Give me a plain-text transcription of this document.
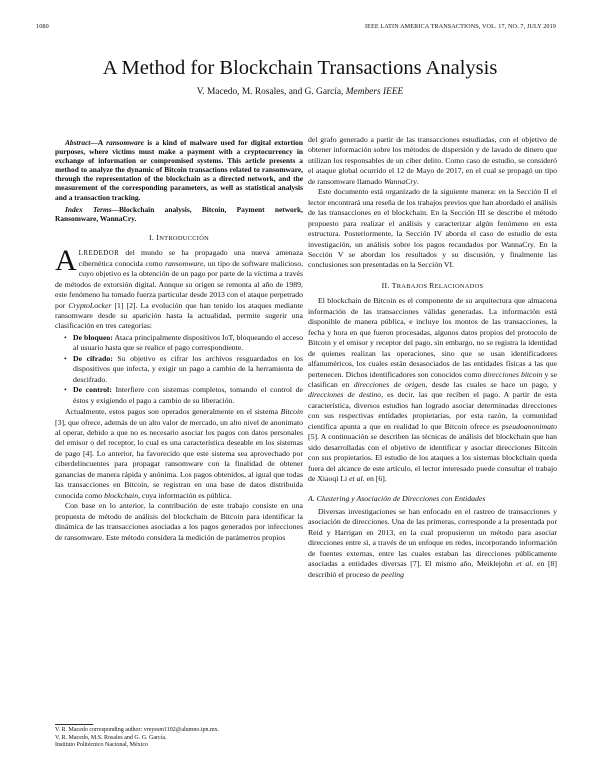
1080	IEEE LATIN AMERICA TRANSACTIONS, VOL. 17, NO. 7, JULY 2019
A Method for Blockchain Transactions Analysis
V. Macedo, M. Rosales, and G. García, Members IEEE

Abstract—A ransomware is a kind of malware used for digital extortion purposes, where victims must make a payment with a cryptocurrency in exchange of information or compromised systems. This article presents a method to analyze the dynamic of Bitcoin transactions related to ransomware, through the representation of the blockchain as a directed network, and the measurement of the corresponding parameters, as well as statistical analysis and a transaction tracking.

Index Terms—Blockchain analysis, Bitcoin, Payment network, Ransomware, WannaCry.

I. INTRODUCCIÓN
ALREDEDOR del mundo se ha propagado una nueva amenaza cibernética conocida como ransomware, un tipo de software malicioso, cuyo objetivo es la obtención de un pago por parte de la víctima a través de métodos de extorsión digital. Aunque su origen se remonta al año de 1989, este fenómeno ha tomado fuerza particular desde 2013 con el ataque perpetrado por CryptoLocker [1] [2]. La evolución que han tenido los ataques mediante ransomware desde su aparición hasta la actualidad, permite sugerir una clasificación en tres categorías:
• De bloqueo: Ataca principalmente dispositivos IoT, bloqueando el acceso al usuario hasta que se realice el pago correspondiente.
• De cifrado: Su objetivo es cifrar los archivos resguardados en los dispositivos que infecta, y exigir un pago a cambio de la herramienta de descifrado.
• De control: Interfiere con sistemas completos, tomando el control de éstos y exigiendo el pago a cambio de su liberación.

Actualmente, estos pagos son operados generalmente en el sistema Bitcoin [3], que ofrece, además de un alto valor de mercado, un alto nivel de anonimato al operar, debido a que no es necesario asociar los pagos con datos personales del emisor o del receptor, lo cual es una característica deseable en los sistemas de pago [4]. Lo anterior, ha favorecido que este sistema sea aprovechado por ciberdelincuentes para propagar ransomware con la finalidad de obtener ganancias de manera rápida y anónima. Los pagos obtenidos, al igual que todas las transacciones en Bitcoin, se registran en una base de datos distribuida conocida como blockchain, cuya información es pública.

Con base en lo anterior, la contribución de este trabajo consiste en una propuesta de método de análisis del blockchain de Bitcoin para identificar la dinámica de las transacciones asociadas a los pagos generados por infecciones de ransomware. Este método considera la medición de parámetros propios

V. R. Macedo corresponding author: vreyesm1102@alumno.ipn.mx.
V. R. Macedo, M.S. Rosales and G. G. García.
Instituto Politécnico Nacional, México

del grafo generado a partir de las transacciones estudiadas, con el objetivo de obtener información sobre los métodos de dispersión y de lavado de dinero que utilizan los responsables de un ciber delito. Como caso de estudio, se consideró el ataque global ocurrido el 12 de Mayo de 2017, en el cual se propagó un tipo de ransomware llamado WannaCry.

Este documento está organizado de la siguiente manera: en la Sección II el lector encontrará una reseña de los trabajos previos que han abordado el análisis de las transacciones en el blockchain. En la Sección III se describe el método propuesto para realizar el análisis y caracterizar algún fenómeno en esta estructura. Posteriormente, la Sección IV aborda el caso de estudio de esta investigación, un análisis sobre los pagos recaudados por WannaCry. En la Sección V se abordan los resultados y su discusión, y finalmente las conclusiones son presentadas en la Sección VI.

II. TRABAJOS RELACIONADOS

El blockchain de Bitcoin es el componente de su arquitectura que almacena información de las transacciones válidas generadas. La información está disponible de manera pública, e incluye los montos de las transacciones, la fecha y hora en que fueron procesadas, algunos datos propios del protocolo de Bitcoin y el emisor y receptor del pago, sin embargo, no se registra la identidad de quienes realizan las operaciones, sino que se usan identificadores alfanuméricos, los cuales están desasociados de las entidades físicas a las que pertenecen. Dichos identificadores son conocidos como direcciones bitcoin y se clasifican en direcciones de origen, desde las cuales se hace un pago, y direcciones de destino, es decir, las que reciben el pago. A partir de esta característica, diversos estudios han logrado asociar determinadas direcciones con sus respectivas entidades propietarias, por esta razón, la comunidad científica apunta a que en realidad lo que Bitcoin ofrece es pseudoanonimato [5]. A continuación se describen las técnicas de análisis del blockchain que han sido desarrolladas con el objetivo de identificar y asociar direcciones Bitcoin con sus propietarios. El estudio de los ataques a los sistemas blockchain queda fuera del alcance de este artículo, el lector interesado puede consultar el trabajo de Xiaoqi Li et al. en [6].

A. Clustering y Asociación de Direcciones con Entidades

Diversas investigaciones se han enfocado en el rastreo de transacciones y asociación de direcciones. Una de las primeras, corresponde a la presentada por Reid y Harrigan en 2013, en la cual propusieron un método para asociar direcciones entre sí, a través de un enfoque en redes, incorporando información de fuentes externas, entre las cuales estaban las direcciones públicamente asociadas a entidades diversas [7]. El mismo año, Meiklejohn et al. en [8] describió el proceso de peeling
